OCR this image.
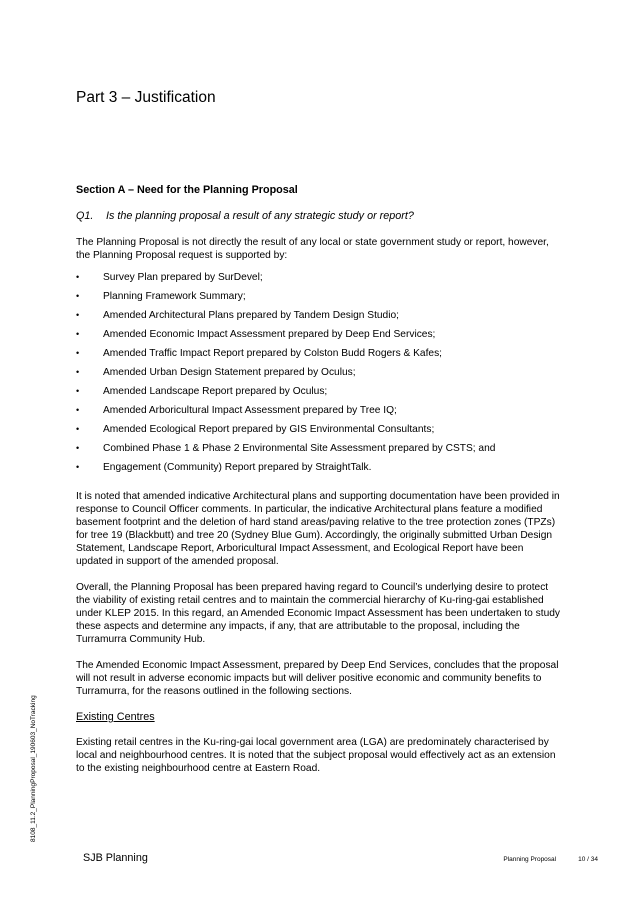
Part 3 – Justification
Section A – Need for the Planning Proposal
Q1.	Is the planning proposal a result of any strategic study or report?

The Planning Proposal is not directly the result of any local or state government study or report, however, the Planning Proposal request is supported by:

• Survey Plan prepared by SurDevel;
• Planning Framework Summary;
• Amended Architectural Plans prepared by Tandem Design Studio;
• Amended Economic Impact Assessment prepared by Deep End Services;
• Amended Traffic Impact Report prepared by Colston Budd Rogers & Kafes;
• Amended Urban Design Statement prepared by Oculus;
• Amended Landscape Report prepared by Oculus;
• Amended Arboricultural Impact Assessment prepared by Tree IQ;
• Amended Ecological Report prepared by GIS Environmental Consultants;
• Combined Phase 1 & Phase 2 Environmental Site Assessment prepared by CSTS; and
• Engagement (Community) Report prepared by StraightTalk.

It is noted that amended indicative Architectural plans and supporting documentation have been provided in response to Council Officer comments. In particular, the indicative Architectural plans feature a modified basement footprint and the deletion of hard stand areas/paving relative to the tree protection zones (TPZs) for tree 19 (Blackbutt) and tree 20 (Sydney Blue Gum). Accordingly, the originally submitted Urban Design Statement, Landscape Report, Arboricultural Impact Assessment, and Ecological Report have been updated in support of the amended proposal.

Overall, the Planning Proposal has been prepared having regard to Council’s underlying desire to protect the viability of existing retail centres and to maintain the commercial hierarchy of Ku-ring-gai established under KLEP 2015. In this regard, an Amended Economic Impact Assessment has been undertaken to study these aspects and determine any impacts, if any, that are attributable to the proposal, including the Turramurra Community Hub.

The Amended Economic Impact Assessment, prepared by Deep End Services, concludes that the proposal will not result in adverse economic impacts but will deliver positive economic and community benefits to Turramurra, for the reasons outlined in the following sections.

Existing Centres

Existing retail centres in the Ku-ring-gai local government area (LGA) are predominately characterised by local and neighbourhood centres. It is noted that the subject proposal would effectively act as an extension to the existing neighbourhood centre at Eastern Road.

8108_11.2_PlanningProposal_190603_NoTracking
SJB Planning	Planning Proposal	10 / 34
